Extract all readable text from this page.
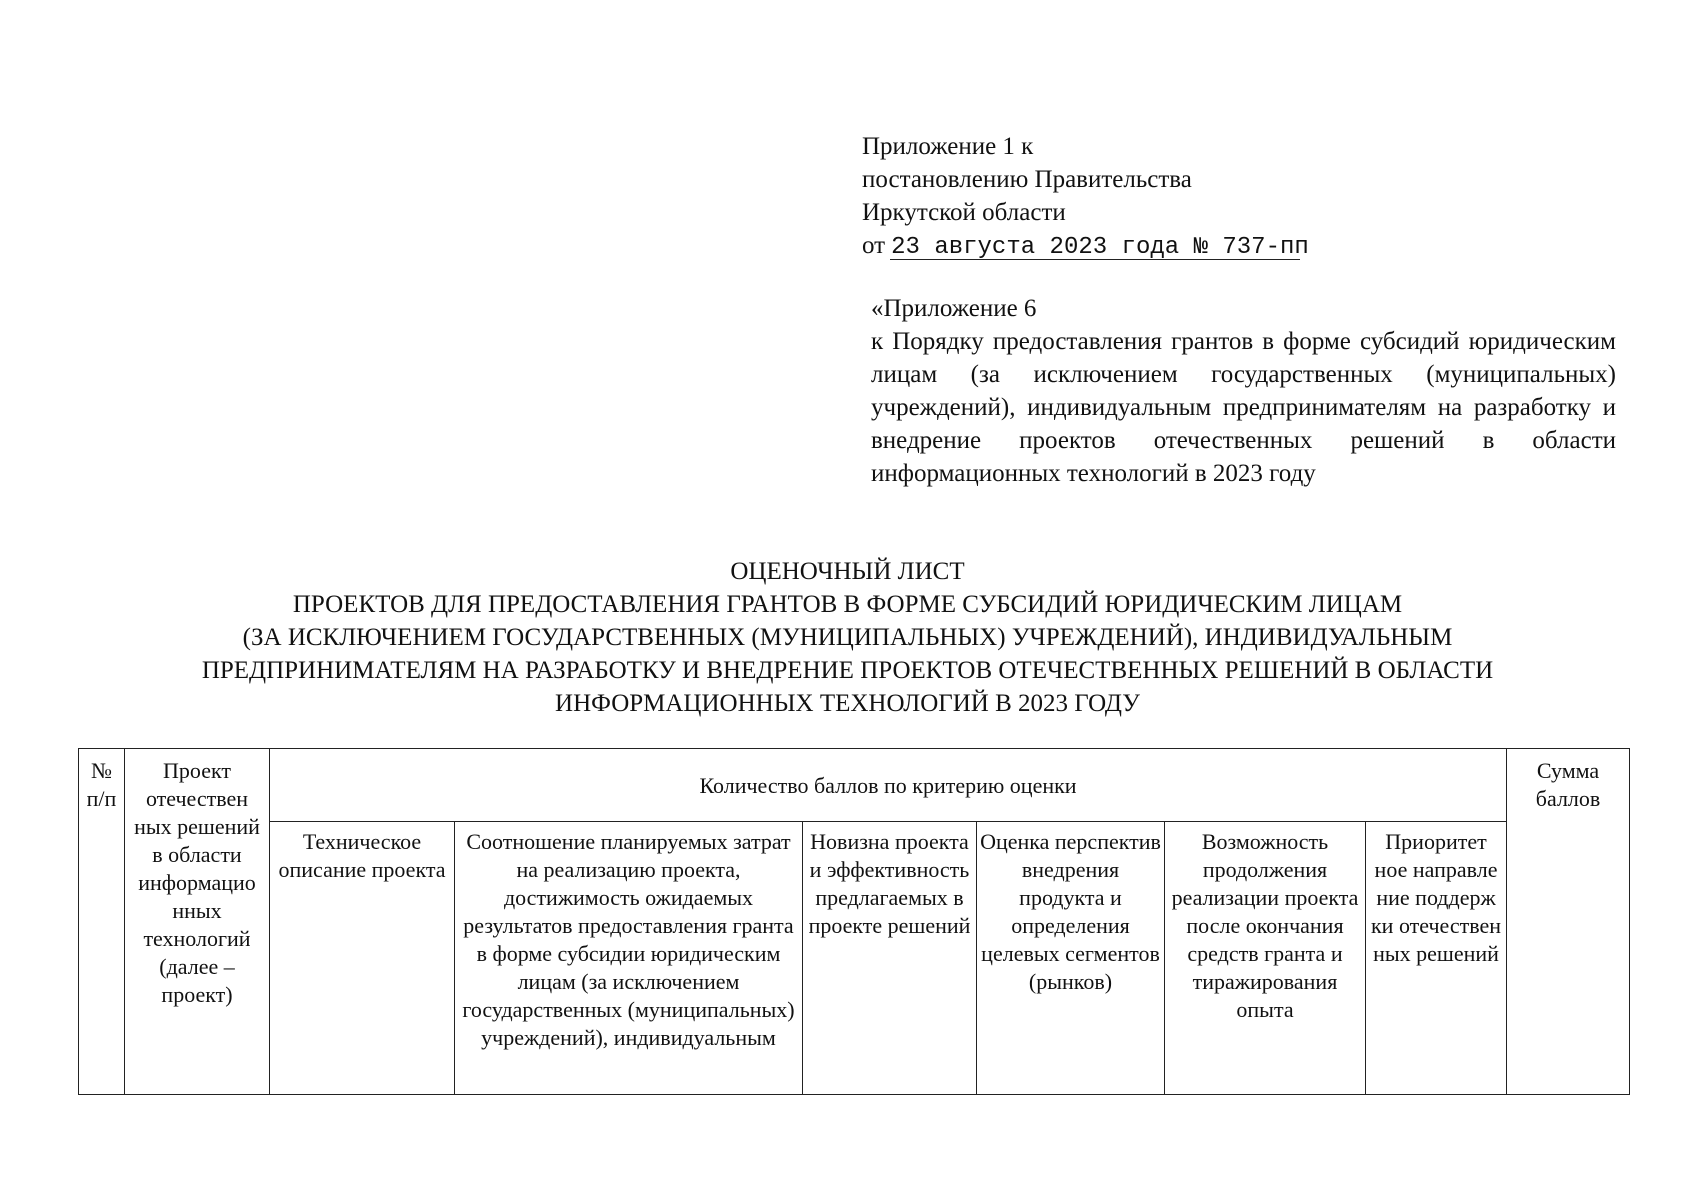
Приложение 1 к
постановлению Правительства
Иркутской области
от 23 августа 2023 года № 737-пп
«Приложение 6
к Порядку предоставления грантов в форме субсидий юридическим лицам (за исключением государственных (муниципальных) учреждений), индивидуальным предпринимателям на разработку и внедрение проектов отечественных решений в области информационных технологий в 2023 году
ОЦЕНОЧНЫЙ ЛИСТ
ПРОЕКТОВ ДЛЯ ПРЕДОСТАВЛЕНИЯ ГРАНТОВ В ФОРМЕ СУБСИДИЙ ЮРИДИЧЕСКИМ ЛИЦАМ
(ЗА ИСКЛЮЧЕНИЕМ ГОСУДАРСТВЕННЫХ (МУНИЦИПАЛЬНЫХ) УЧРЕЖДЕНИЙ), ИНДИВИДУАЛЬНЫМ
ПРЕДПРИНИМАТЕЛЯМ НА РАЗРАБОТКУ И ВНЕДРЕНИЕ ПРОЕКТОВ ОТЕЧЕСТВЕННЫХ РЕШЕНИЙ В ОБЛАСТИ
ИНФОРМАЦИОННЫХ ТЕХНОЛОГИЙ В 2023 ГОДУ
№ п/п	Проект отечествен ных решений в области информацио нных технологий (далее – проект)	Количество баллов по критерию оценки						Сумма баллов
		Техническое описание проекта	Соотношение планируемых затрат на реализацию проекта, достижимость ожидаемых результатов предоставления гранта в форме субсидии юридическим лицам (за исключением государственных (муниципальных) учреждений), индивидуальным	Новизна проекта и эффективность предлагаемых в проекте решений	Оценка перспектив внедрения продукта и определения целевых сегментов (рынков)	Возможность продолжения реализации проекта после окончания средств гранта и тиражирования опыта	Приоритет ное направле ние поддерж ки отечествен ных решений	
